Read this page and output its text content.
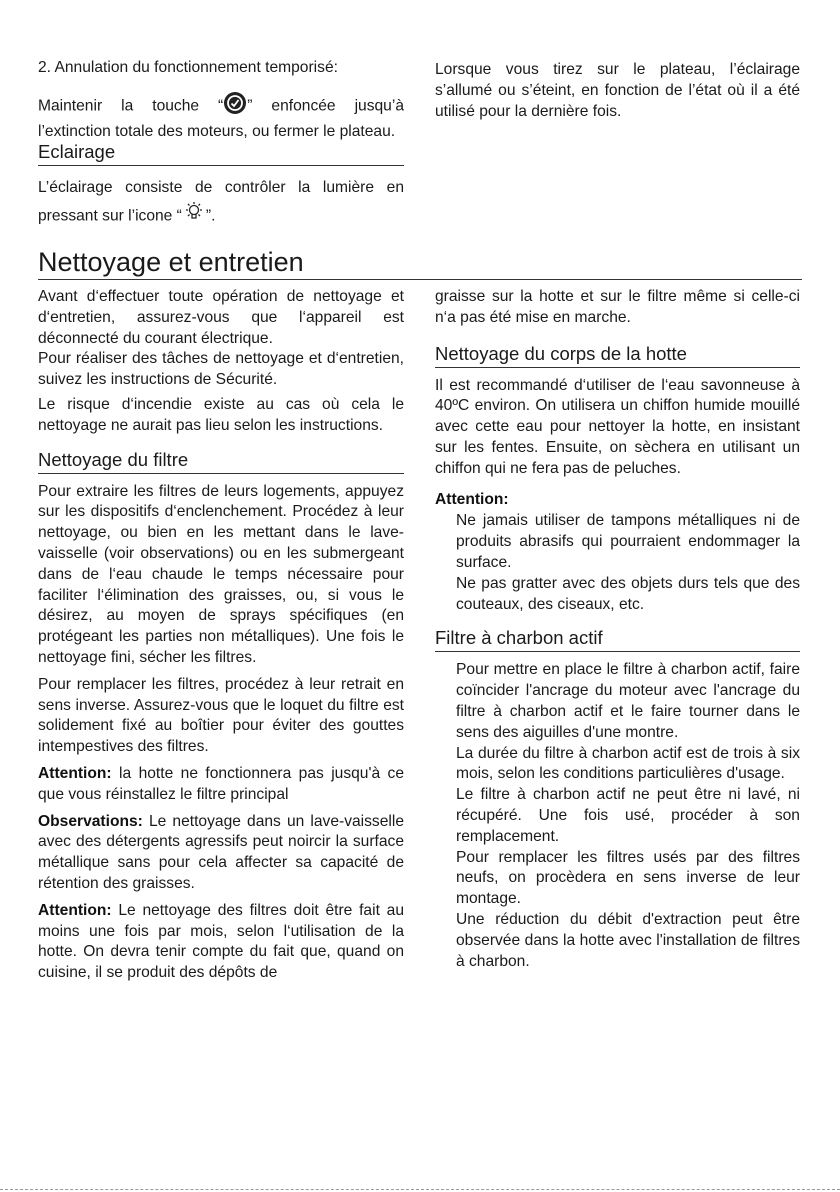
2. Annulation du fonctionnement temporisé:

Maintenir la touche “ ” enfoncée jusqu’à l’extinction totale des moteurs, ou fermer le plateau.

Eclairage

L’éclairage consiste de contrôler la lumière en pressant sur l’icone “ ”.

Lorsque vous tirez sur le plateau, l’éclairage s’allumé ou s’éteint, en fonction de l’état où il a été utilisé pour la dernière fois.

Nettoyage et entretien

Avant d‘effectuer toute opération de nettoyage et d‘entretien, assurez-vous que l‘appareil est déconnecté du courant électrique.

Pour réaliser des tâches de nettoyage et d‘entretien, suivez les instructions de Sécurité.

Le risque d‘incendie existe au cas où cela le nettoyage ne aurait pas lieu selon les instructions.

Nettoyage du filtre

Pour extraire les filtres de leurs logements, appuyez sur les dispositifs d‘enclenchement. Procédez à leur nettoyage, ou bien en les mettant dans le lave-vaisselle (voir observations) ou en les submergeant dans de l‘eau chaude le temps nécessaire pour faciliter l‘élimination des graisses, ou, si vous le désirez, au moyen de sprays spécifiques (en protégeant les parties non métalliques). Une fois le nettoyage fini, sécher les filtres.

Pour remplacer les filtres, procédez à leur retrait en sens inverse. Assurez-vous que le loquet du filtre est solidement fixé au boîtier pour éviter des gouttes intempestives des filtres.

Attention: la hotte ne fonctionnera pas jusqu'à ce que vous réinstallez le filtre principal

Observations: Le nettoyage dans un lave-vaisselle avec des détergents agressifs peut noircir la surface métallique sans pour cela affecter sa capacité de rétention des graisses.

Attention: Le nettoyage des filtres doit être fait au moins une fois par mois, selon l‘utilisation de la hotte. On devra tenir compte du fait que, quand on cuisine, il se produit des dépôts de

graisse sur la hotte et sur le filtre même si celle-ci n‘a pas été mise en marche.

Nettoyage du corps de la hotte

Il est recommandé d‘utiliser de l‘eau savonneuse à 40ºC environ. On utilisera un chiffon humide mouillé avec cette eau pour nettoyer la hotte, en insistant sur les fentes. Ensuite, on sèchera en utilisant un chiffon qui ne fera pas de peluches.

Attention:

Ne jamais utiliser de tampons métalliques ni de produits abrasifs qui pourraient endommager la surface.

Ne pas gratter avec des objets durs tels que des couteaux, des ciseaux, etc.

Filtre à charbon actif

Pour mettre en place le filtre à charbon actif, faire coïncider l'ancrage du moteur avec l'ancrage du filtre à charbon actif et le faire tourner dans le sens des aiguilles d'une montre.

La durée du filtre à charbon actif est de trois à six mois, selon les conditions particulières d'usage.

Le filtre à charbon actif ne peut être ni lavé, ni récupéré. Une fois usé, procéder à son remplacement.

Pour remplacer les filtres usés par des filtres neufs, on procèdera en sens inverse de leur montage.

Une réduction du débit d'extraction peut être observée dans la hotte avec l'installation de filtres à charbon.
